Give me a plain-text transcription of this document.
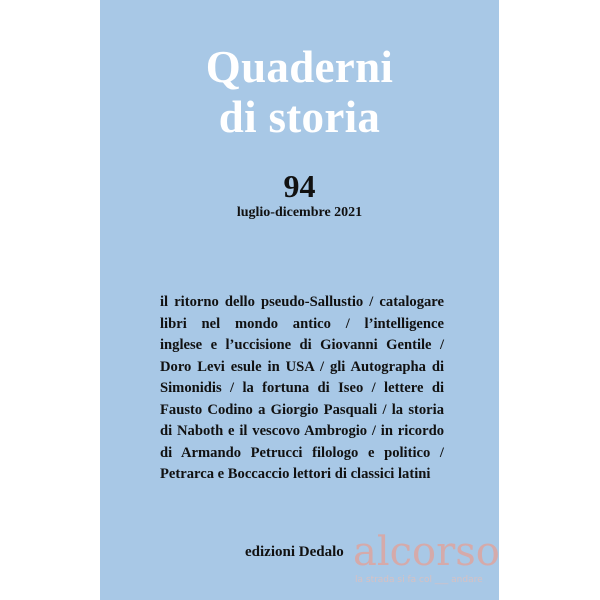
Quaderni
di storia
94
luglio-dicembre 2021
il ritorno dello pseudo-Sallustio / catalogare
libri nel mondo antico / l’intelligence
inglese e l’uccisione di Giovanni Gentile /
Doro Levi esule in USA / gli Autographa di
Simonidis / la fortuna di Iseo / lettere di
Fausto Codino a Giorgio Pasquali / la storia
di Naboth e il vescovo Ambrogio / in ricordo
di Armando Petrucci filologo e politico /
Petrarca e Boccaccio lettori di classici latini
edizioni Dedalo alcorso
la strada si fa col ___ andare
